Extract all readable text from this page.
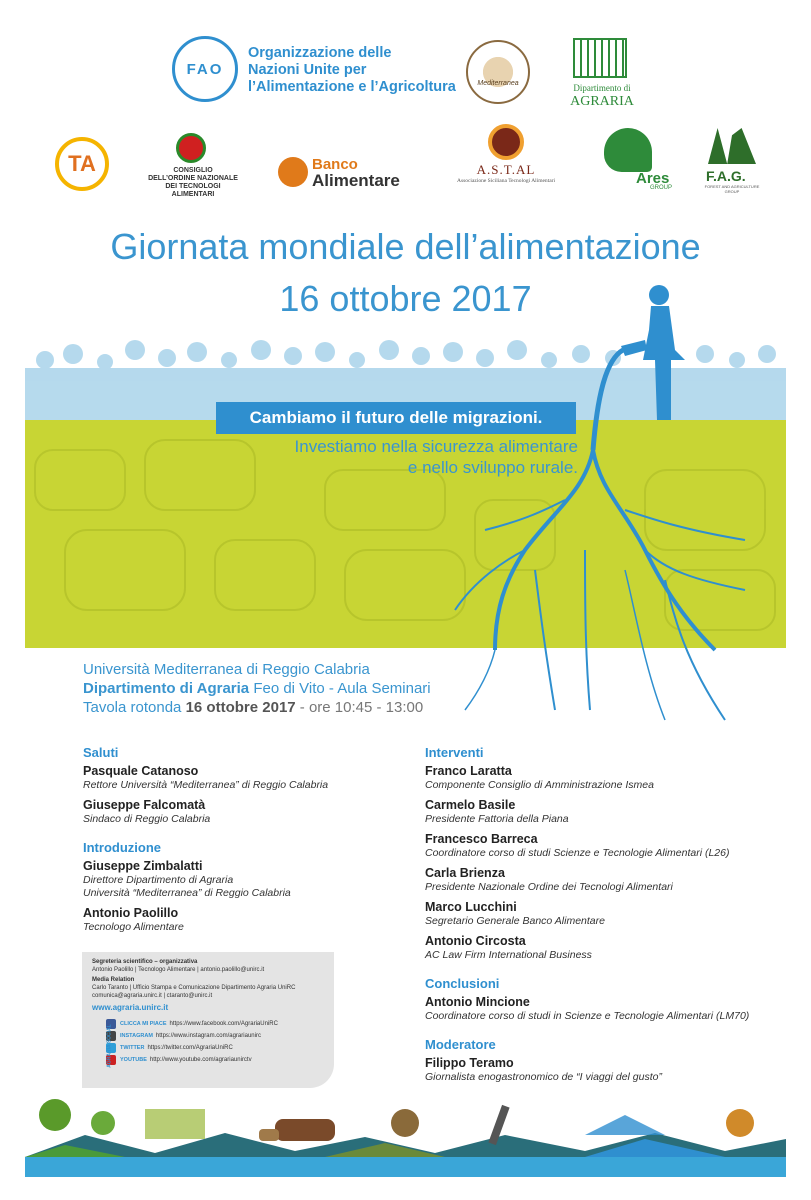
FAO
Organizzazione delle
Nazioni Unite per
l’Alimentazione e l’Agricoltura	Mediterranea	Dipartimento di
AGRARIA
TA	CONSIGLIO
DELL’ORDINE NAZIONALE
DEI TECNOLOGI ALIMENTARI
Banco
Alimentare
A.S.T.AL
Associazione Siciliana Tecnologi Alimentari	Ares
GROUP
F.A.G.
FOREST AND AGRICULTURE GROUP
Giornata mondiale dell’alimentazione
16 ottobre 2017
Cambiamo il futuro delle migrazioni.
Investiamo nella sicurezza alimentare
e nello sviluppo rurale.
Università Mediterranea di Reggio Calabria
Dipartimento di Agraria Feo di Vito - Aula Seminari
Tavola rotonda 16 ottobre 2017 - ore 10:45 - 13:00
Saluti
Pasquale Catanoso
Rettore Università “Mediterranea” di Reggio Calabria
Giuseppe Falcomatà
Sindaco di Reggio Calabria
Introduzione
Giuseppe Zimbalatti
Direttore Dipartimento di Agraria
Università “Mediterranea” di Reggio Calabria
Antonio Paolillo
Tecnologo Alimentare
Interventi
Franco Laratta
Componente Consiglio di Amministrazione Ismea
Carmelo Basile
Presidente Fattoria della Piana
Francesco Barreca
Coordinatore corso di studi Scienze e Tecnologie Alimentari (L26)
Carla Brienza
Presidente Nazionale Ordine dei Tecnologi Alimentari
Marco Lucchini
Segretario Generale Banco Alimentare
Antonio Circosta
AC Law Firm International Business
Conclusioni
Antonio Mincione
Coordinatore corso di studi in Scienze e Tecnologie Alimentari (LM70)
Moderatore
Filippo Teramo
Giornalista enogastronomico de “I viaggi del gusto”
Segreteria scientifico – organizzativa
Antonio Paolillo | Tecnologo Alimentare | antonio.paolillo@unirc.it
Media Relation
Carlo Taranto | Ufficio Stampa e Comunicazione Dipartimento Agraria UniRC
comunica@agraria.unirc.it | ctaranto@unirc.it
www.agraria.unirc.it
AGRARIA SOCIAL
CLICCA MI PIACE https://www.facebook.com/AgrariaUniRC
INSTAGRAM https://www.instagram.com/agrariaunirc
TWITTER https://twitter.com/AgrariaUniRC
YOUTUBE http://www.youtube.com/agrariaunirctv
